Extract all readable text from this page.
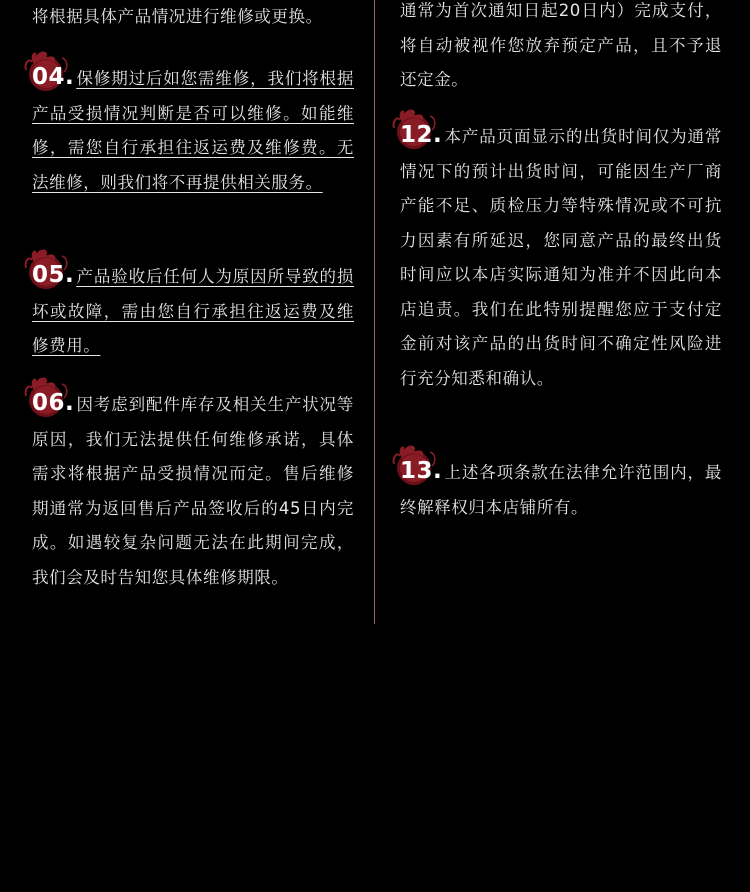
将根据具体产品情况进行维修或更换。

04. 保修期过后如您需维修，我们将根据产品受损情况判断是否可以维修。如能维修，需您自行承担往返运费及维修费。无法维修，则我们将不再提供相关服务。

05. 产品验收后任何人为原因所导致的损坏或故障，需由您自行承担往返运费及维修费用。

06. 因考虑到配件库存及相关生产状况等原因，我们无法提供任何维修承诺，具体需求将根据产品受损情况而定。售后维修期通常为返回售后产品签收后的45日内完成。如遇较复杂问题无法在此期间完成，我们会及时告知您具体维修期限。

通常为首次通知日起20日内）完成支付，将自动被视作您放弃预定产品，且不予退还定金。

12. 本产品页面显示的出货时间仅为通常情况下的预计出货时间，可能因生产厂商产能不足、质检压力等特殊情况或不可抗力因素有所延迟，您同意产品的最终出货时间应以本店实际通知为准并不因此向本店追责。我们在此特别提醒您应于支付定金前对该产品的出货时间不确定性风险进行充分知悉和确认。

13. 上述各项条款在法律允许范围内，最终解释权归本店铺所有。
